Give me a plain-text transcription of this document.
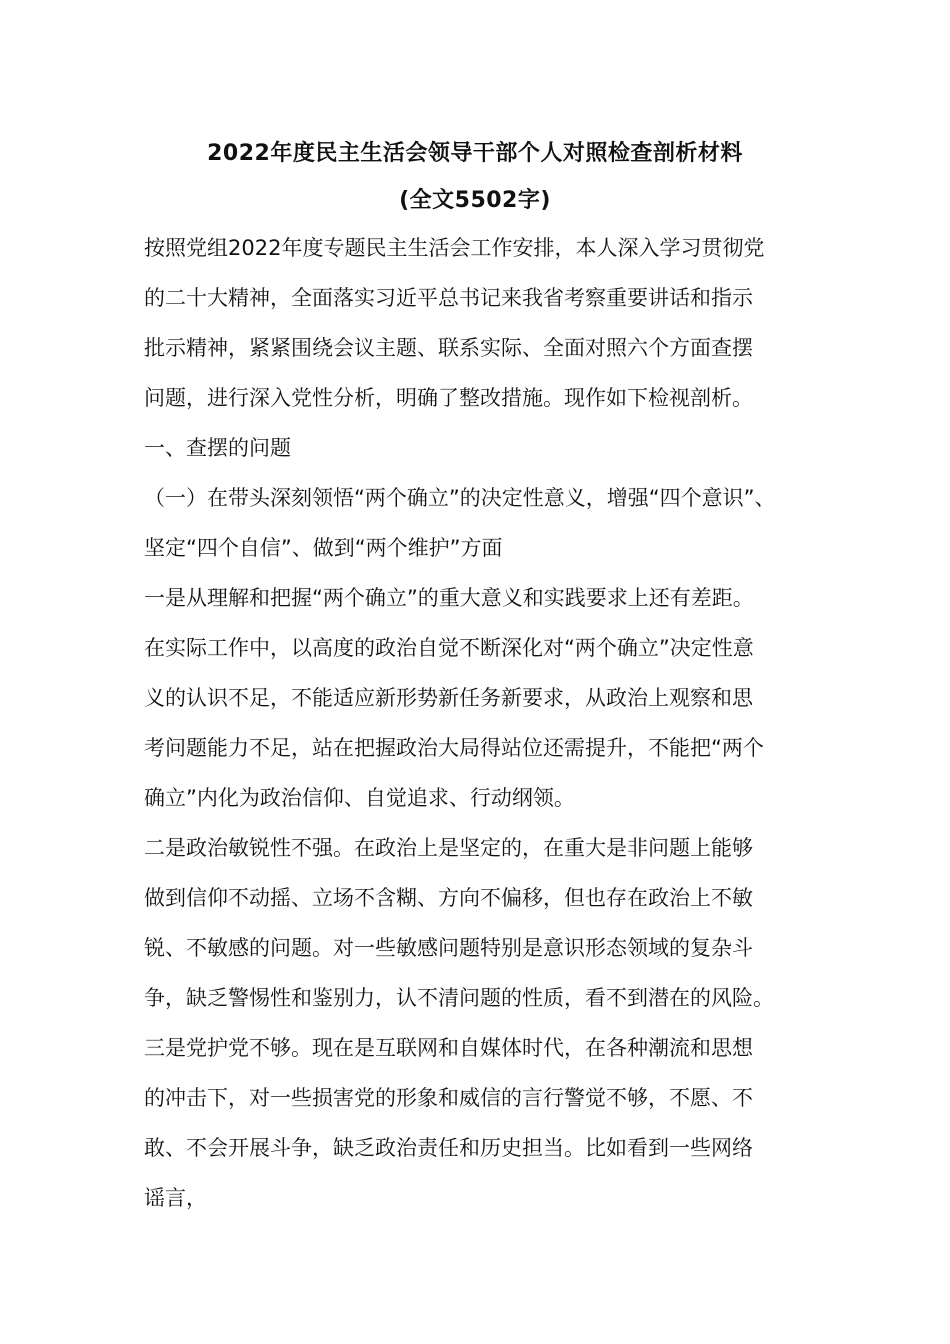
2022年度民主生活会领导干部个人对照检查剖析材料
(全文5502字)
按照党组2022年度专题民主生活会工作安排，本人深入学习贯彻党
的二十大精神，全面落实习近平总书记来我省考察重要讲话和指示
批示精神，紧紧围绕会议主题、联系实际、全面对照六个方面查摆
问题，进行深入党性分析，明确了整改措施。现作如下检视剖析。
一、查摆的问题
（一）在带头深刻领悟“两个确立”的决定性意义，增强“四个意识”、
坚定“四个自信”、做到“两个维护”方面
一是从理解和把握“两个确立”的重大意义和实践要求上还有差距。
在实际工作中，以高度的政治自觉不断深化对“两个确立”决定性意
义的认识不足，不能适应新形势新任务新要求，从政治上观察和思
考问题能力不足，站在把握政治大局得站位还需提升，不能把“两个
确立”内化为政治信仰、自觉追求、行动纲领。
二是政治敏锐性不强。在政治上是坚定的，在重大是非问题上能够
做到信仰不动摇、立场不含糊、方向不偏移，但也存在政治上不敏
锐、不敏感的问题。对一些敏感问题特别是意识形态领域的复杂斗
争，缺乏警惕性和鉴别力，认不清问题的性质，看不到潜在的风险。
三是党护党不够。现在是互联网和自媒体时代，在各种潮流和思想
的冲击下，对一些损害党的形象和威信的言行警觉不够，不愿、不
敢、不会开展斗争，缺乏政治责任和历史担当。比如看到一些网络
谣言，
